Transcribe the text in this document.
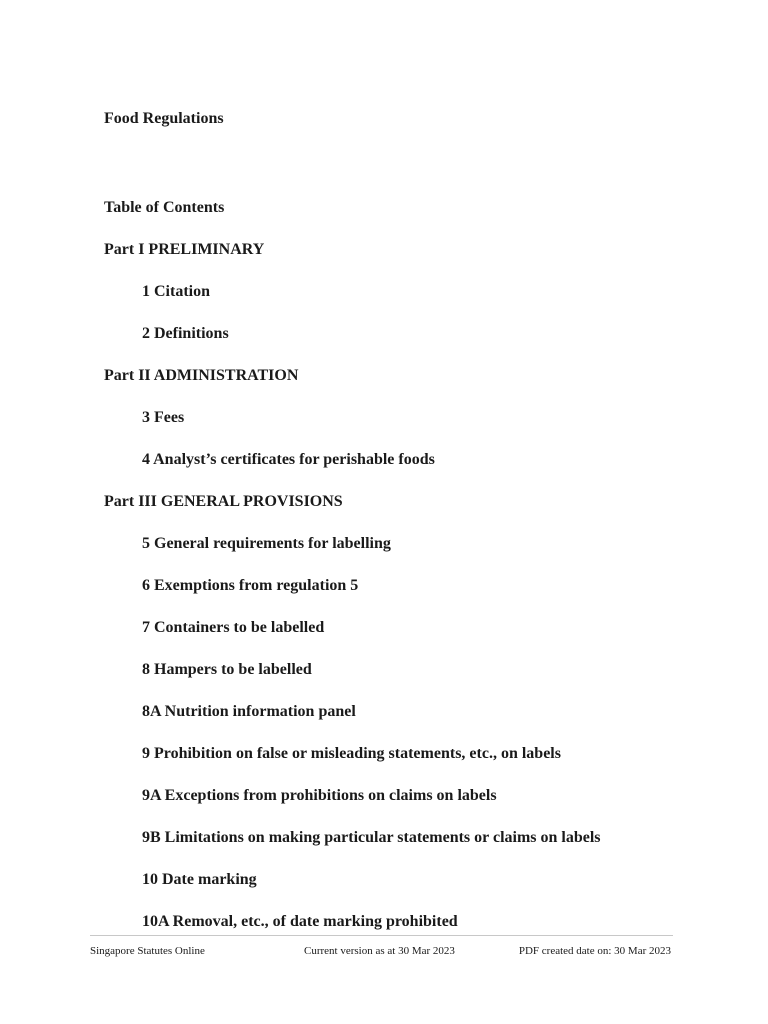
Food Regulations
Table of Contents
Part I PRELIMINARY
1 Citation
2 Definitions
Part II ADMINISTRATION
3 Fees
4 Analyst’s certificates for perishable foods
Part III GENERAL PROVISIONS
5 General requirements for labelling
6 Exemptions from regulation 5
7 Containers to be labelled
8 Hampers to be labelled
8A Nutrition information panel
9 Prohibition on false or misleading statements, etc., on labels
9A Exceptions from prohibitions on claims on labels
9B Limitations on making particular statements or claims on labels
10 Date marking
10A Removal, etc., of date marking prohibited
Singapore Statutes Online	Current version as at 30 Mar 2023	PDF created date on: 30 Mar 2023
